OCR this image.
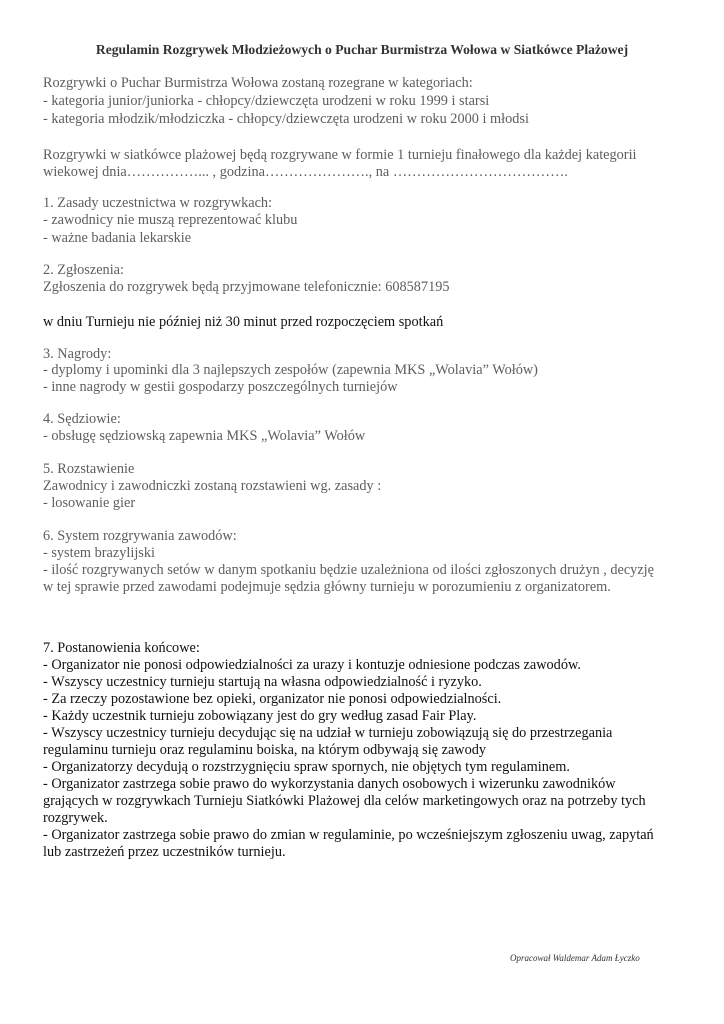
Regulamin Rozgrywek Młodzieżowych o Puchar Burmistrza Wołowa w Siatkówce Plażowej
Rozgrywki o Puchar Burmistrza Wołowa zostaną rozegrane w kategoriach:
- kategoria junior/juniorka - chłopcy/dziewczęta urodzeni w roku 1999 i starsi
- kategoria młodzik/młodziczka - chłopcy/dziewczęta urodzeni w roku 2000 i młodsi
Rozgrywki w siatkówce plażowej będą rozgrywane w formie 1 turnieju finałowego dla każdej kategorii
wiekowej dnia……………... , godzina…………………., na ……………………………….
1. Zasady uczestnictwa w rozgrywkach:
- zawodnicy nie muszą reprezentować klubu
- ważne badania lekarskie
2. Zgłoszenia:
Zgłoszenia do rozgrywek będą przyjmowane telefonicznie: 608587195
w dniu Turnieju nie później niż 30 minut przed rozpoczęciem spotkań
3. Nagrody:
- dyplomy i upominki dla 3 najlepszych zespołów (zapewnia MKS „Wolavia” Wołów)
- inne nagrody w gestii gospodarzy poszczególnych turniejów
4. Sędziowie:
- obsługę sędziowską zapewnia MKS „Wolavia” Wołów
5. Rozstawienie
Zawodnicy i zawodniczki zostaną rozstawieni wg. zasady :
- losowanie gier
6. System rozgrywania zawodów:
- system brazylijski
- ilość rozgrywanych setów w danym spotkaniu będzie uzależniona od ilości zgłoszonych drużyn , decyzję
w tej sprawie przed zawodami podejmuje sędzia główny turnieju w porozumieniu z organizatorem.
7. Postanowienia końcowe:
- Organizator nie ponosi odpowiedzialności za urazy i kontuzje odniesione podczas zawodów.
- Wszyscy uczestnicy turnieju startują na własna odpowiedzialność i ryzyko.
- Za rzeczy pozostawione bez opieki, organizator nie ponosi odpowiedzialności.
- Każdy uczestnik turnieju zobowiązany jest do gry według zasad Fair Play.
- Wszyscy uczestnicy turnieju decydując się na udział w turnieju zobowiązują się do przestrzegania
regulaminu turnieju oraz regulaminu boiska, na którym odbywają się zawody
- Organizatorzy decydują o rozstrzygnięciu spraw spornych, nie objętych tym regulaminem.
- Organizator zastrzega sobie prawo do wykorzystania danych osobowych i wizerunku zawodników
grających w rozgrywkach Turnieju Siatkówki Plażowej dla celów marketingowych oraz na potrzeby tych
rozgrywek.
- Organizator zastrzega sobie prawo do zmian w regulaminie, po wcześniejszym zgłoszeniu uwag, zapytań
lub zastrzeżeń przez uczestników turnieju.
Opracował Waldemar Adam Łyczko
